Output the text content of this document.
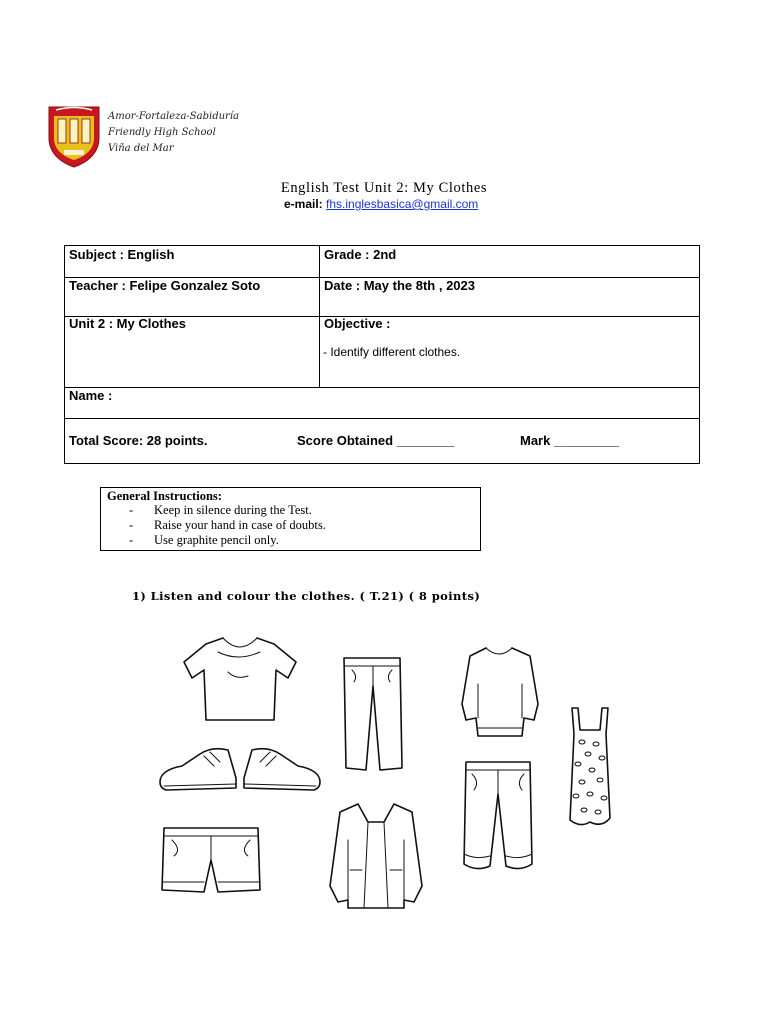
Amor-Fortaleza-Sabiduría
Friendly High School
Viña del Mar
English Test Unit 2: My Clothes
e-mail: fhs.inglesbasica@gmail.com
Subject : English	Grade : 2nd
Teacher : Felipe Gonzalez Soto	Date : May the 8th , 2023
Unit 2 : My Clothes	Objective :
- Identify different clothes.
Name :
Total Score: 28 points.	Score Obtained ________	Mark _________
General Instructions:
- Keep in silence during the Test.
- Raise your hand in case of doubts.
- Use graphite pencil only.
1) Listen and colour the clothes. ( T.21) ( 8 points)
